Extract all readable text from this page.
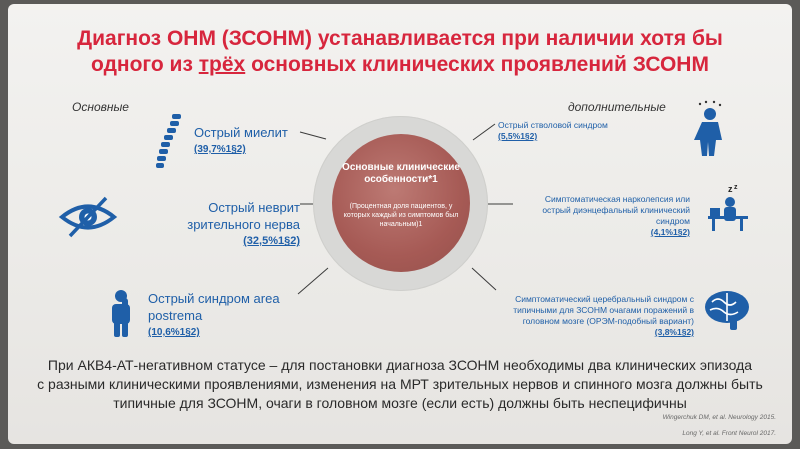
Диагноз ОНМ (ЗСОНМ) устанавливается при наличии хотя бы
одного из трёх основных клинических проявлений ЗСОНМ
Основные	дополнительные
Основные клинические особенности*1
(Процентная доля пациентов, у которых каждый из симптомов был начальным)1
Острый миелит
(39,7%1§2)
Острый неврит
зрительного нерва
(32,5%1§2)
Острый синдром area
postrema
(10,6%1§2)
Острый стволовой синдром
(5,5%1§2)
Симптоматическая нарколепсия или
острый диэнцефальный клинический
синдром
(4,1%1§2)
Симптоматический церебральный синдром с
типичными для ЗСОНМ очагами поражений в
головном мозге (ОРЭМ-подобный вариант)
(3,8%1§2)
z z
При АКВ4-АТ-негативном статусе – для постановки диагноза ЗСОНМ необходимы два клинических эпизода
с разными клиническими проявлениями, изменения на МРТ зрительных нервов и спинного мозга должны быть
типичные для ЗСОНМ, очаги в головном мозге (если есть) должны быть неспецифичны
Wingerchuk DM, et al. Neurology 2015.
Long Y, et al. Front Neurol 2017.
